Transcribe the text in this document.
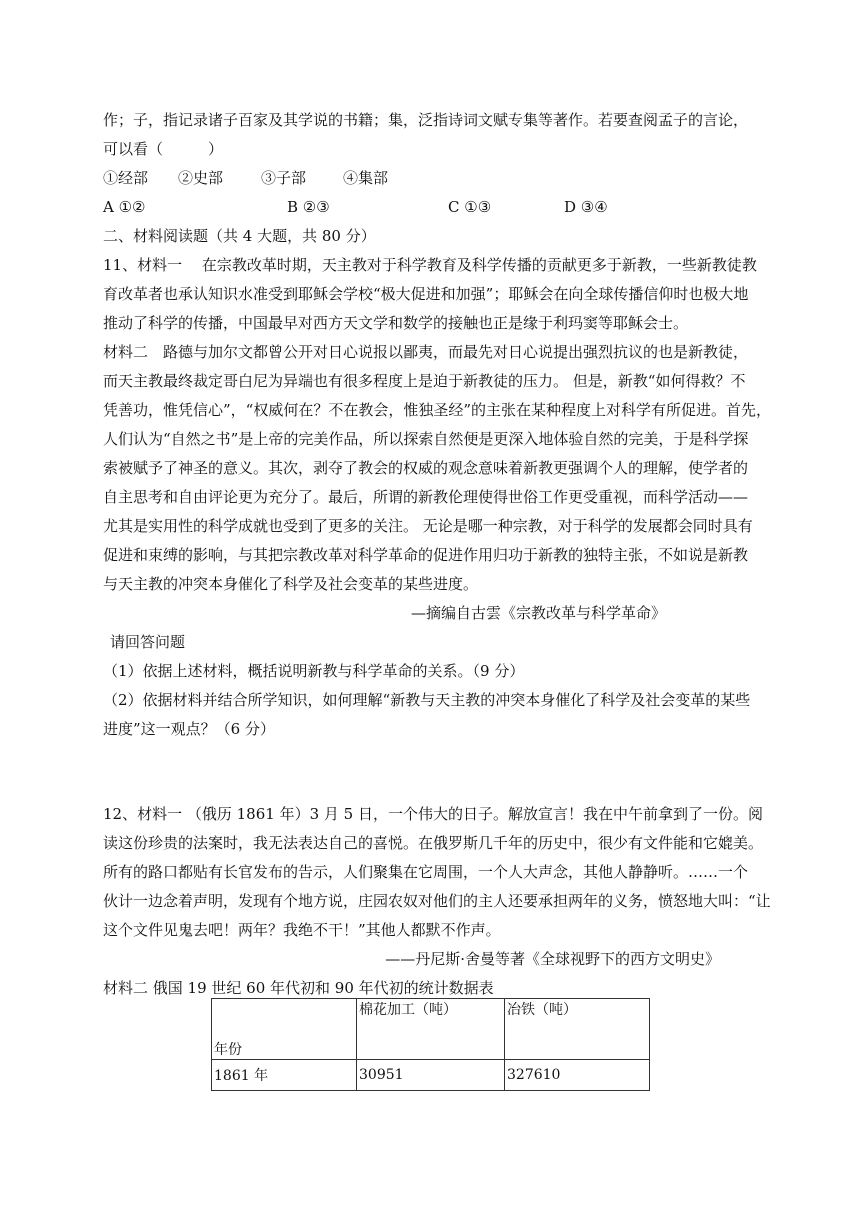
作；子，指记录诸子百家及其学说的书籍；集，泛指诗词文赋专集等著作。若要查阅孟子的言论，
可以看（　　　）
①经部 ②史部	③子部 ④集部
A ①②	B ②③	C ①③	D ③④
二、材料阅读题（共 4 大题，共 80 分）
11、材料一　 在宗教改革时期，天主教对于科学教育及科学传播的贡献更多于新教，一些新教徒教
育改革者也承认知识水准受到耶稣会学校“极大促进和加强”；耶稣会在向全球传播信仰时也极大地
推动了科学的传播，中国最早对西方天文学和数学的接触也正是缘于利玛窦等耶稣会士。
材料二　路德与加尔文都曾公开对日心说报以鄙夷，而最先对日心说提出强烈抗议的也是新教徒，
而天主教最终裁定哥白尼为异端也有很多程度上是迫于新教徒的压力。 但是，新教“如何得救？不
凭善功，惟凭信心”，“权威何在？不在教会，惟独圣经”的主张在某种程度上对科学有所促进。首先，
人们认为“自然之书”是上帝的完美作品，所以探索自然便是更深入地体验自然的完美，于是科学探
索被赋予了神圣的意义。其次，剥夺了教会的权威的观念意味着新教更强调个人的理解，使学者的
自主思考和自由评论更为充分了。最后，所谓的新教伦理使得世俗工作更受重视，而科学活动——
尤其是实用性的科学成就也受到了更多的关注。 无论是哪一种宗教，对于科学的发展都会同时具有
促进和束缚的影响，与其把宗教改革对科学革命的促进作用归功于新教的独特主张，不如说是新教
与天主教的冲突本身催化了科学及社会变革的某些进度。
—摘编自古雲《宗教改革与科学革命》
请回答问题
（1）依据上述材料，概括说明新教与科学革命的关系。（9 分）
（2）依据材料并结合所学知识，如何理解“新教与天主教的冲突本身催化了科学及社会变革的某些
进度”这一观点？（6 分）
12、材料一 （俄历 1861 年）3 月 5 日，一个伟大的日子。解放宣言！我在中午前拿到了一份。阅
读这份珍贵的法案时，我无法表达自己的喜悦。在俄罗斯几千年的历史中，很少有文件能和它媲美。
所有的路口都贴有长官发布的告示，人们聚集在它周围，一个人大声念，其他人静静听。……一个
伙计一边念着声明，发现有个地方说，庄园农奴对他们的主人还要承担两年的义务，愤怒地大叫：“让
这个文件见鬼去吧！两年？我绝不干！”其他人都默不作声。
——丹尼斯·舍曼等著《全球视野下的西方文明史》
材料二 俄国 19 世纪 60 年代初和 90 年代初的统计数据表
年份	棉花加工（吨）	冶铁（吨）
1861 年	30951	327610
